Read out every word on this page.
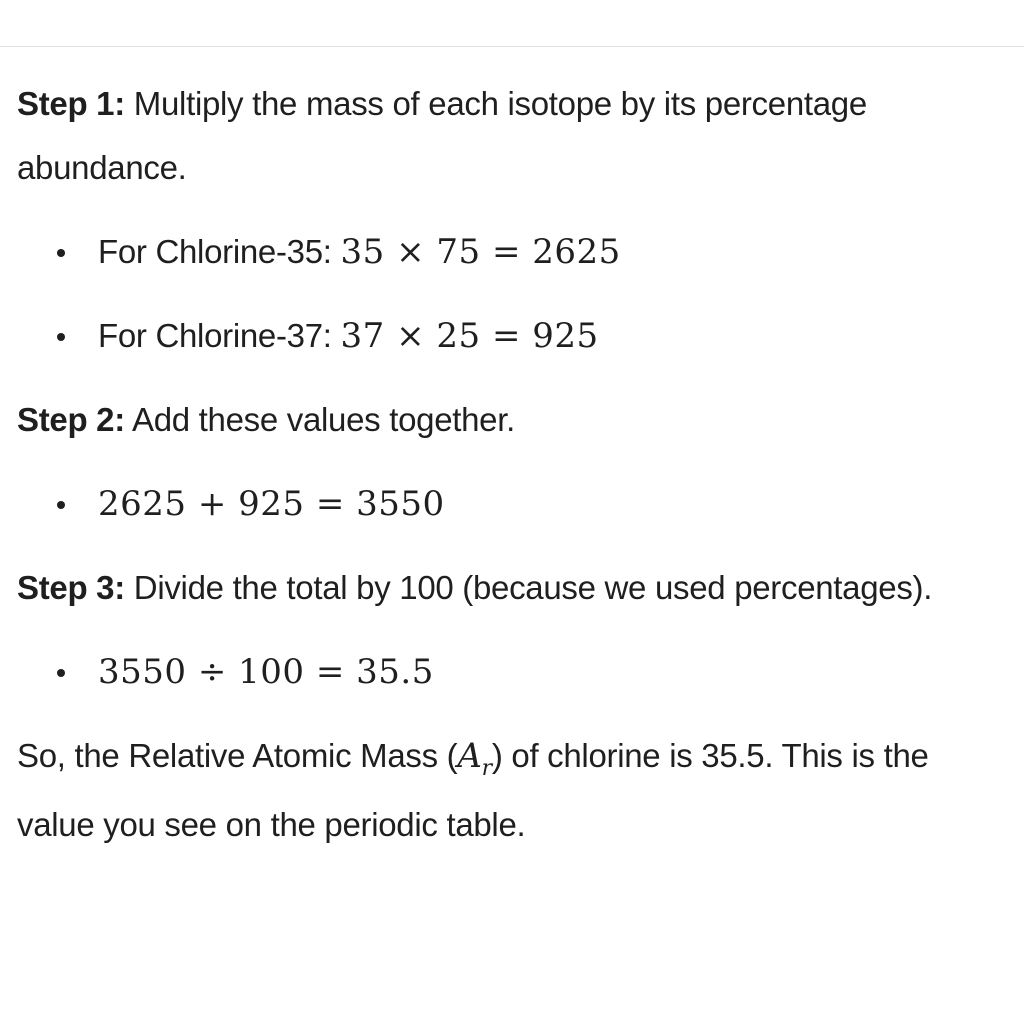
Step 1: Multiply the mass of each isotope by its percentage abundance.

For Chlorine-35: 35 × 75 = 2625
For Chlorine-37: 37 × 25 = 925

Step 2: Add these values together.

2625 + 925 = 3550

Step 3: Divide the total by 100 (because we used percentages).

3550 ÷ 100 = 35.5

So, the Relative Atomic Mass $(A_r)$ of chlorine is 35.5. This is the value you see on the periodic table.
